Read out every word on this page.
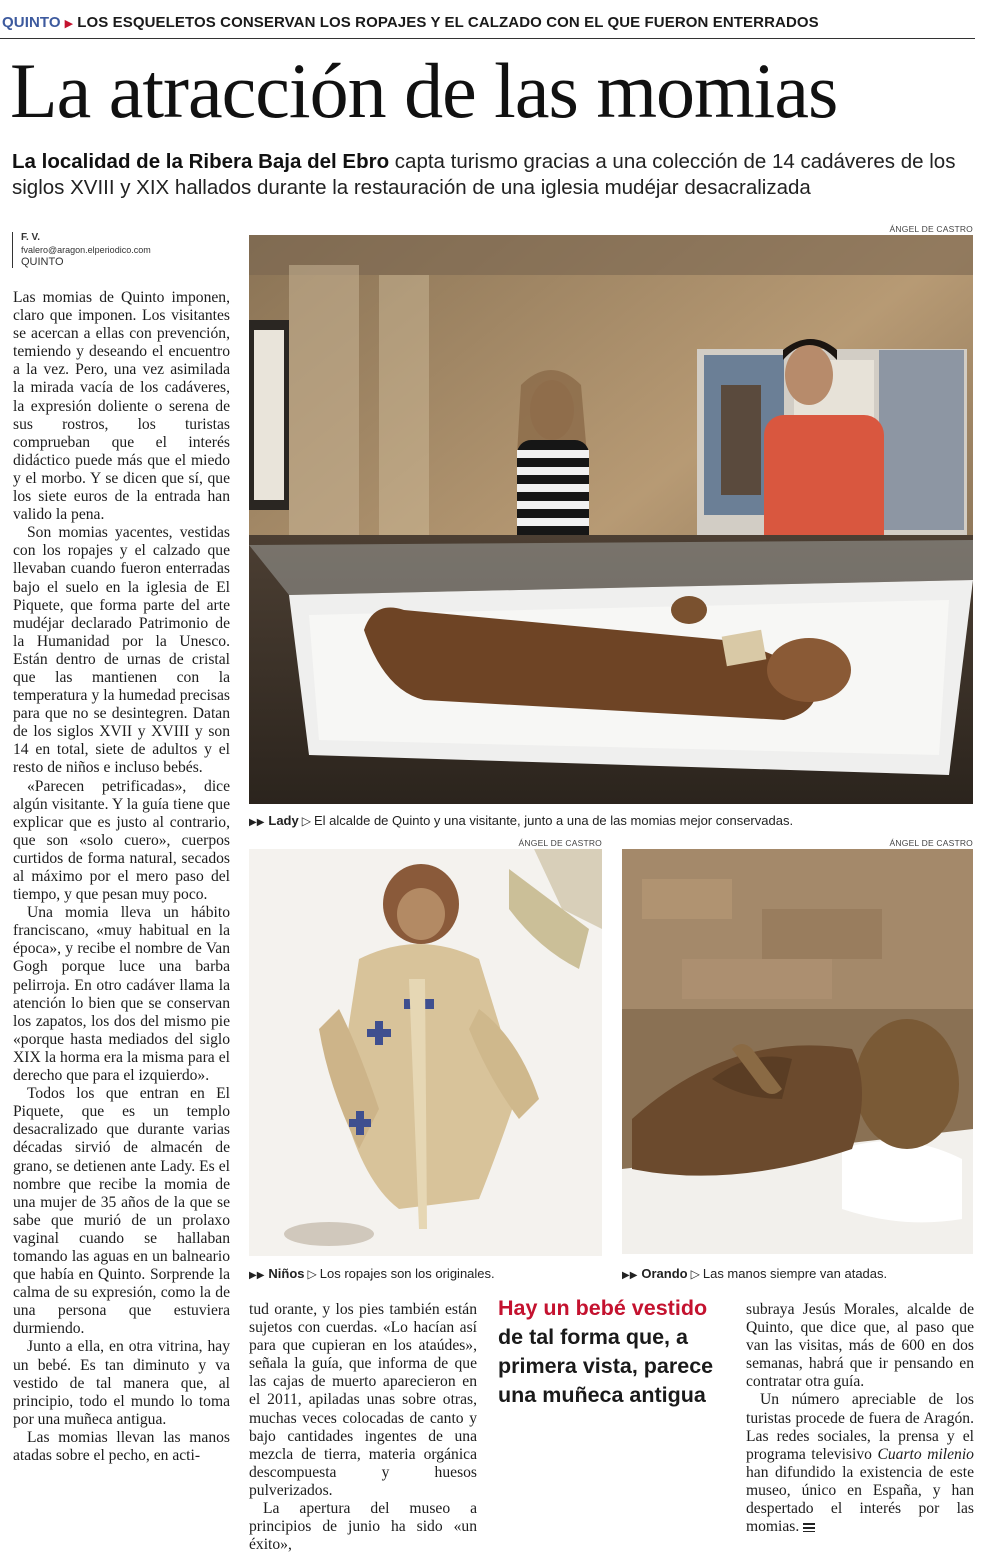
QUINTO ▶ LOS ESQUELETOS CONSERVAN LOS ROPAJES Y EL CALZADO CON EL QUE FUERON ENTERRADOS
La atracción de las momias
La localidad de la Ribera Baja del Ebro capta turismo gracias a una colección de 14 cadáveres de los siglos XVIII y XIX hallados durante la restauración de una iglesia mudéjar desacralizada
F. V.
fvalero@aragon.elperiodico.com
QUINTO
ÁNGEL DE CASTRO
▶▶ Lady ▷ El alcalde de Quinto y una visitante, junto a una de las momias mejor conservadas.
ÁNGEL DE CASTRO
▶▶ Niños ▷ Los ropajes son los originales.
ÁNGEL DE CASTRO
▶▶ Orando ▷ Las manos siempre van atadas.

Las momias de Quinto imponen, claro que imponen. Los visitantes se acercan a ellas con prevención, temiendo y deseando el encuentro a la vez. Pero, una vez asimilada la mirada vacía de los cadáveres, la expresión doliente o serena de sus rostros, los turistas comprueban que el interés didáctico puede más que el miedo y el morbo. Y se dicen que sí, que los siete euros de la entrada han valido la pena.

Son momias yacentes, vestidas con los ropajes y el calzado que llevaban cuando fueron enterradas bajo el suelo en la iglesia de El Piquete, que forma parte del arte mudéjar declarado Patrimonio de la Humanidad por la Unesco. Están dentro de urnas de cristal que las mantienen con la temperatura y la humedad precisas para que no se desintegren. Datan de los siglos XVII y XVIII y son 14 en total, siete de adultos y el resto de niños e incluso bebés.

«Parecen petrificadas», dice algún visitante. Y la guía tiene que explicar que es justo al contrario, que son «solo cuero», cuerpos curtidos de forma natural, secados al máximo por el mero paso del tiempo, y que pesan muy poco.

Una momia lleva un hábito franciscano, «muy habitual en la época», y recibe el nombre de Van Gogh porque luce una barba pelirroja. En otro cadáver llama la atención lo bien que se conservan los zapatos, los dos del mismo pie «porque hasta mediados del siglo XIX la horma era la misma para el derecho que para el izquierdo».

Todos los que entran en El Piquete, que es un templo desacralizado que durante varias décadas sirvió de almacén de grano, se detienen ante Lady. Es el nombre que recibe la momia de una mujer de 35 años de la que se sabe que murió de un prolaxo vaginal cuando se hallaban tomando las aguas en un balneario que había en Quinto. Sorprende la calma de su expresión, como la de una persona que estuviera durmiendo.

Junto a ella, en otra vitrina, hay un bebé. Es tan diminuto y va vestido de tal manera que, al principio, todo el mundo lo toma por una muñeca antigua.

Las momias llevan las manos atadas sobre el pecho, en acti-

tud orante, y los pies también están sujetos con cuerdas. «Lo hacían así para que cupieran en los ataúdes», señala la guía, que informa de que las cajas de muerto aparecieron en el 2011, apiladas unas sobre otras, muchas veces colocadas de canto y bajo cantidades ingentes de una mezcla de tierra, materia orgánica descompuesta y huesos pulverizados.

La apertura del museo a principios de junio ha sido «un éxito»,

Hay un bebé vestido de tal forma que, a primera vista, parece una muñeca antigua

subraya Jesús Morales, alcalde de Quinto, que dice que, al paso que van las visitas, más de 600 en dos semanas, habrá que ir pensando en contratar otra guía.

Un número apreciable de los turistas procede de fuera de Aragón. Las redes sociales, la prensa y el programa televisivo Cuarto milenio han difundido la existencia de este museo, único en España, y han despertado el interés por las momias.
